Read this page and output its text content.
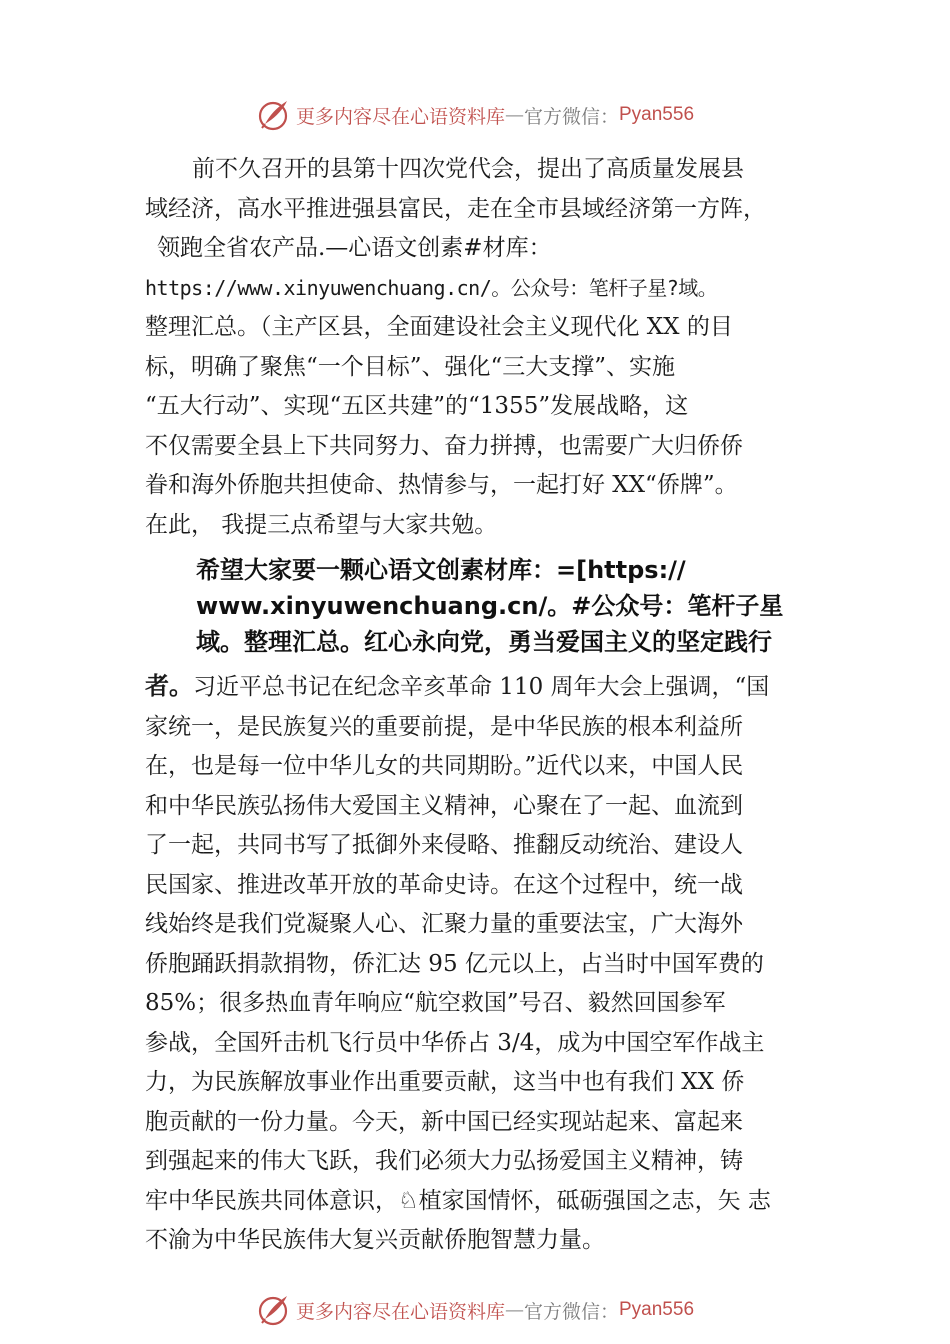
更多内容尽在心语资料库 — 官方微信： Pyan556
前不久召开的县第十四次党代会，提出了高质量发展县
域经济，高水平推进强县富民，走在全市县域经济第一方阵，
领跑全省农产品.—心语文创素#材库：
https://www.xinyuwenchuang.cn/。公众号：笔杆子星?域。
整理汇总。（主产区县，全面建设社会主义现代化 XX 的目
标，明确了聚焦“一个目标”、强化“三大支撑”、实施
“五大行动”、实现“五区共建”的“1355”发展战略，这
不仅需要全县上下共同努力、奋力拼搏，也需要广大归侨侨
眷和海外侨胞共担使命、热情参与，一起打好 XX“侨牌”。
在此， 我提三点希望与大家共勉。
希望大家要一颗心语文创素材库：=[https://
www.xinyuwenchuang.cn/。#公众号：笔杆子星
域。整理汇总。红心永向党，勇当爱国主义的坚定践行
者。习近平总书记在纪念辛亥革命 110 周年大会上强调，“国
家统一，是民族复兴的重要前提，是中华民族的根本利益所
在，也是每一位中华儿女的共同期盼。”近代以来，中国人民
和中华民族弘扬伟大爱国主义精神，心聚在了一起、血流到
了一起，共同书写了抵御外来侵略、推翻反动统治、建设人
民国家、推进改革开放的革命史诗。在这个过程中，统一战
线始终是我们党凝聚人心、汇聚力量的重要法宝，广大海外
侨胞踊跃捐款捐物，侨汇达 95 亿元以上，占当时中国军费的
85%；很多热血青年响应“航空救国”号召、毅然回国参军
参战，全国歼击机飞行员中华侨占 3/4，成为中国空军作战主
力，为民族解放事业作出重要贡献，这当中也有我们 XX 侨
胞贡献的一份力量。今天，新中国已经实现站起来、富起来
到强起来的伟大飞跃，我们必须大力弘扬爱国主义精神，铸
牢中华民族共同体意识，♘植家国情怀，砥砺强国之志，矢 志
不渝为中华民族伟大复兴贡献侨胞智慧力量。
更多内容尽在心语资料库 — 官方微信： Pyan556
